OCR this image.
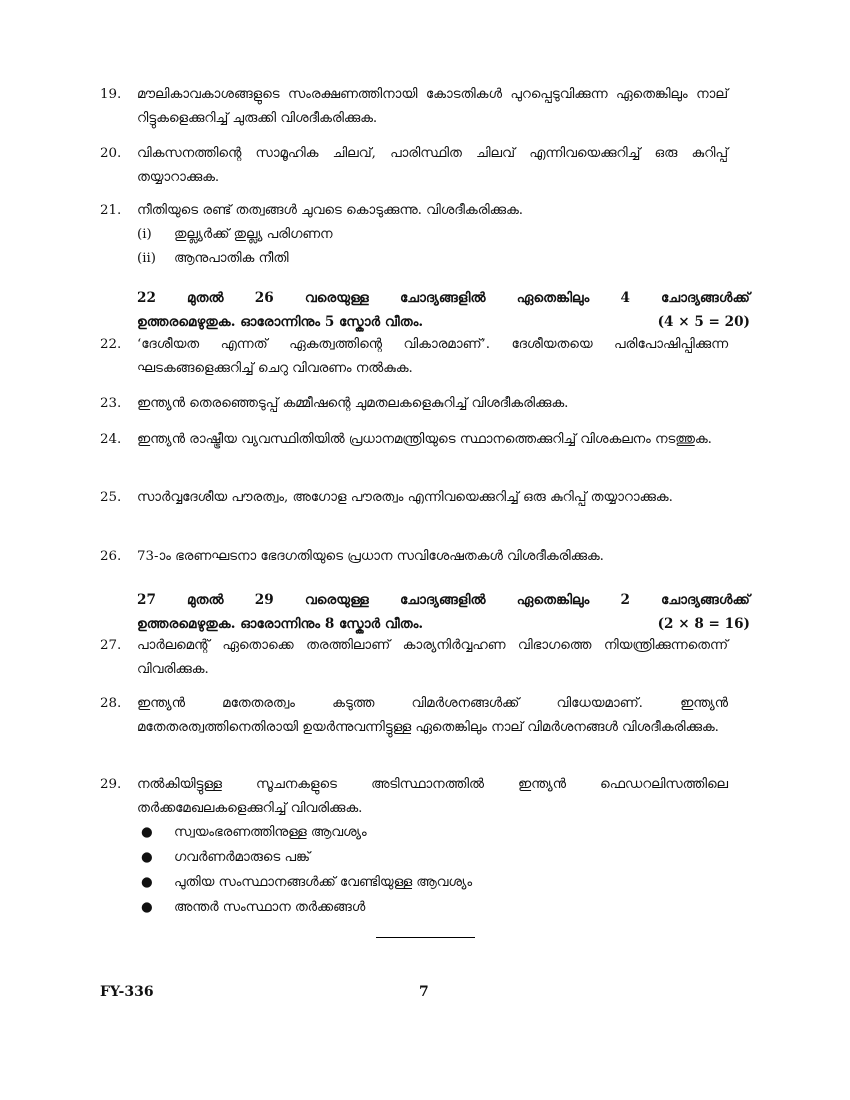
19.	മൗലികാവകാശങ്ങളുടെ സംരക്ഷണത്തിനായി കോടതികൾ പുറപ്പെടുവിക്കുന്ന ഏതെങ്കിലും നാല് റിട്ടുകളെക്കുറിച്ച് ചുരുക്കി വിശദീകരിക്കുക.
20.	വികസനത്തിന്റെ സാമൂഹിക ചിലവ്, പാരിസ്ഥിത ചിലവ് എന്നിവയെക്കുറിച്ച് ഒരു കുറിപ്പ് തയ്യാറാക്കുക.
21.	നീതിയുടെ രണ്ട് തത്വങ്ങൾ ചുവടെ കൊടുക്കുന്നു. വിശദീകരിക്കുക.
(i)	തുല്ല്യർക്ക് തുല്ല്യ പരിഗണന
(ii)	ആനുപാതിക നീതി
22 മുതൽ 26 വരെയുള്ള ചോദ്യങ്ങളിൽ ഏതെങ്കിലും 4 ചോദ്യങ്ങൾക്ക്
ഉത്തരമെഴുതുക. ഓരോന്നിനും 5 സ്കോർ വീതം.	(4 × 5 = 20)
22.	‘ദേശീയത എന്നത് ഏകത്വത്തിന്റെ വികാരമാണ്’. ദേശീയതയെ പരിപോഷിപ്പിക്കുന്ന ഘടകങ്ങളെക്കുറിച്ച് ചെറു വിവരണം നൽകുക.
23.	ഇന്ത്യൻ തെരഞ്ഞെടുപ്പ് കമ്മീഷന്റെ ചുമതലകളെകുറിച്ച് വിശദീകരിക്കുക.
24.	ഇന്ത്യൻ രാഷ്ട്രീയ വ്യവസ്ഥിതിയിൽ പ്രധാനമന്ത്രിയുടെ സ്ഥാനത്തെക്കുറിച്ച് വിശകലനം നടത്തുക.
25.	സാർവ്വദേശീയ പൗരത്വം, അഗോള പൗരത്വം എന്നിവയെക്കുറിച്ച് ഒരു കുറിപ്പ് തയ്യാറാക്കുക.
26.	73-ാം ഭരണഘടനാ ഭേദഗതിയുടെ പ്രധാന സവിശേഷതകൾ വിശദീകരിക്കുക.
27 മുതൽ 29 വരെയുള്ള ചോദ്യങ്ങളിൽ ഏതെങ്കിലും 2 ചോദ്യങ്ങൾക്ക്
ഉത്തരമെഴുതുക. ഓരോന്നിനും 8 സ്കോർ വീതം.	(2 × 8 = 16)
27.	പാർലമെന്റ് ഏതൊക്കെ തരത്തിലാണ് കാര്യനിർവ്വഹണ വിഭാഗത്തെ നിയന്ത്രിക്കുന്നതെന്ന് വിവരിക്കുക.
28.	ഇന്ത്യൻ മതേതരത്വം കടുത്ത വിമർശനങ്ങൾക്ക് വിധേയമാണ്. ഇന്ത്യൻ മതേതരത്വത്തിനെതിരായി ഉയർന്നുവന്നിട്ടുള്ള ഏതെങ്കിലും നാല് വിമർശനങ്ങൾ വിശദീകരിക്കുക.
29.	നൽകിയിട്ടുള്ള സൂചനകളുടെ അടിസ്ഥാനത്തിൽ ഇന്ത്യൻ ഫെഡറലിസത്തിലെ തർക്കമേഖലകളെക്കുറിച്ച് വിവരിക്കുക.
● സ്വയംഭരണത്തിനുള്ള ആവശ്യം
● ഗവർണർമാരുടെ പങ്ക്
● പുതിയ സംസ്ഥാനങ്ങൾക്ക് വേണ്ടിയുള്ള ആവശ്യം
● അന്തർ സംസ്ഥാന തർക്കങ്ങൾ
FY-336	7
